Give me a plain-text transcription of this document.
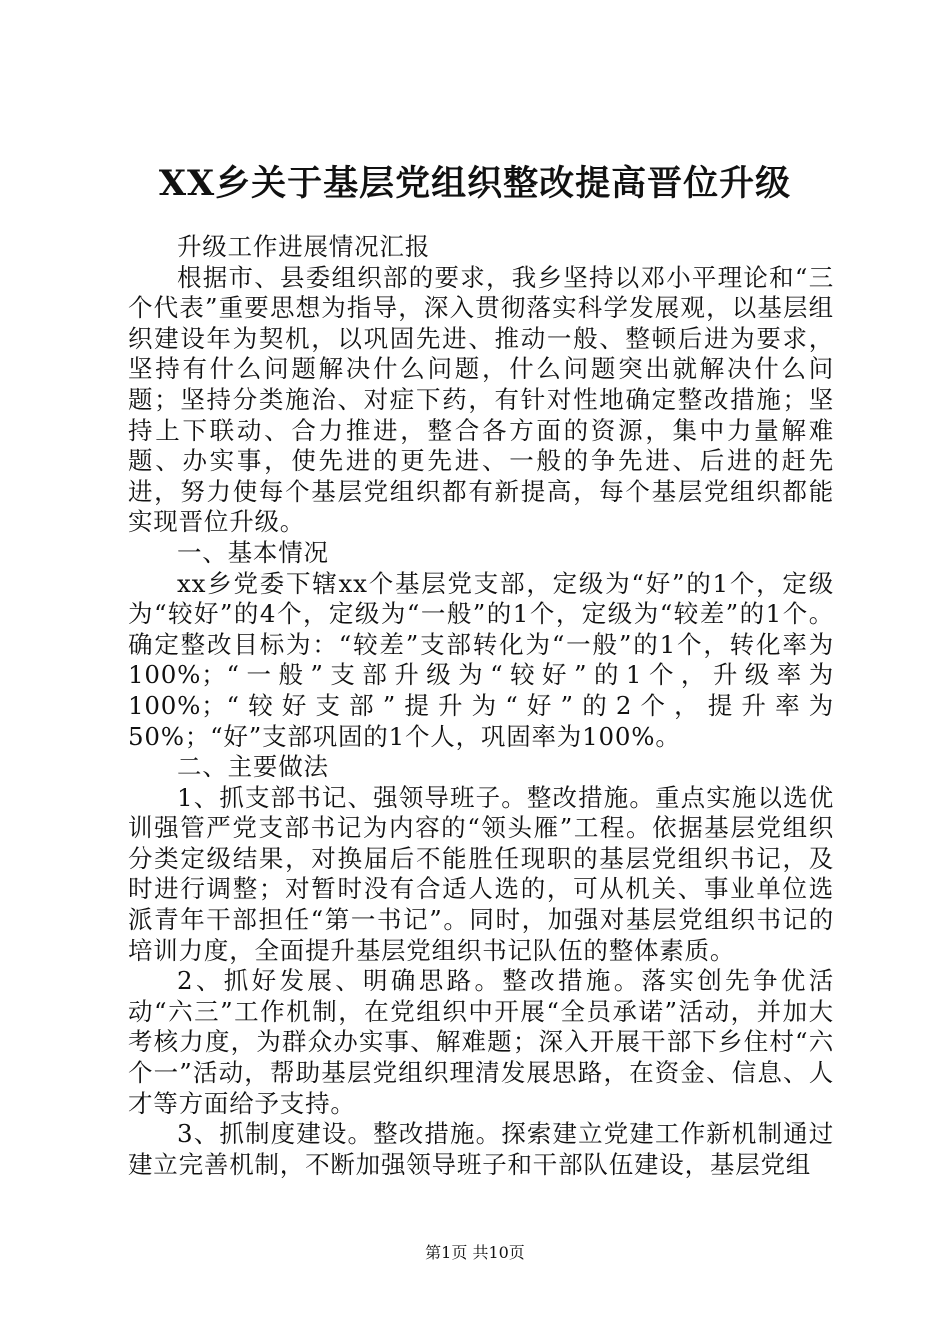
XX乡关于基层党组织整改提高晋位升级

升级工作进展情况汇报

根据市、县委组织部的要求，我乡坚持以邓小平理论和“三个代表”重要思想为指导，深入贯彻落实科学发展观，以基层组织建设年为契机，以巩固先进、推动一般、整顿后进为要求，坚持有什么问题解决什么问题，什么问题突出就解决什么问题；坚持分类施治、对症下药，有针对性地确定整改措施；坚持上下联动、合力推进，整合各方面的资源，集中力量解难题、办实事，使先进的更先进、一般的争先进、后进的赶先进，努力使每个基层党组织都有新提高，每个基层党组织都能实现晋位升级。

一、基本情况

xx乡党委下辖xx个基层党支部，定级为“好”的1个，定级为“较好”的4个，定级为“一般”的1个，定级为“较差”的1个。确定整改目标为：“较差”支部转化为“一般”的1个，转化率为100%；“一般”支部升级为“较好”的1个，升级率为100%；“较好支部”提升为“好”的2个，提升率为50%；“好”支部巩固的1个人，巩固率为100%。

二、主要做法

1、抓支部书记、强领导班子。整改措施。重点实施以选优训强管严党支部书记为内容的“领头雁”工程。依据基层党组织分类定级结果，对换届后不能胜任现职的基层党组织书记，及时进行调整；对暂时没有合适人选的，可从机关、事业单位选派青年干部担任“第一书记”。同时，加强对基层党组织书记的培训力度，全面提升基层党组织书记队伍的整体素质。

2、抓好发展、明确思路。整改措施。落实创先争优活动“六三”工作机制，在党组织中开展“全员承诺”活动，并加大考核力度，为群众办实事、解难题；深入开展干部下乡住村“六个一”活动，帮助基层党组织理清发展思路，在资金、信息、人才等方面给予支持。

3、抓制度建设。整改措施。探索建立党建工作新机制通过建立完善机制，不断加强领导班子和干部队伍建设，基层党组

第1页 共10页
